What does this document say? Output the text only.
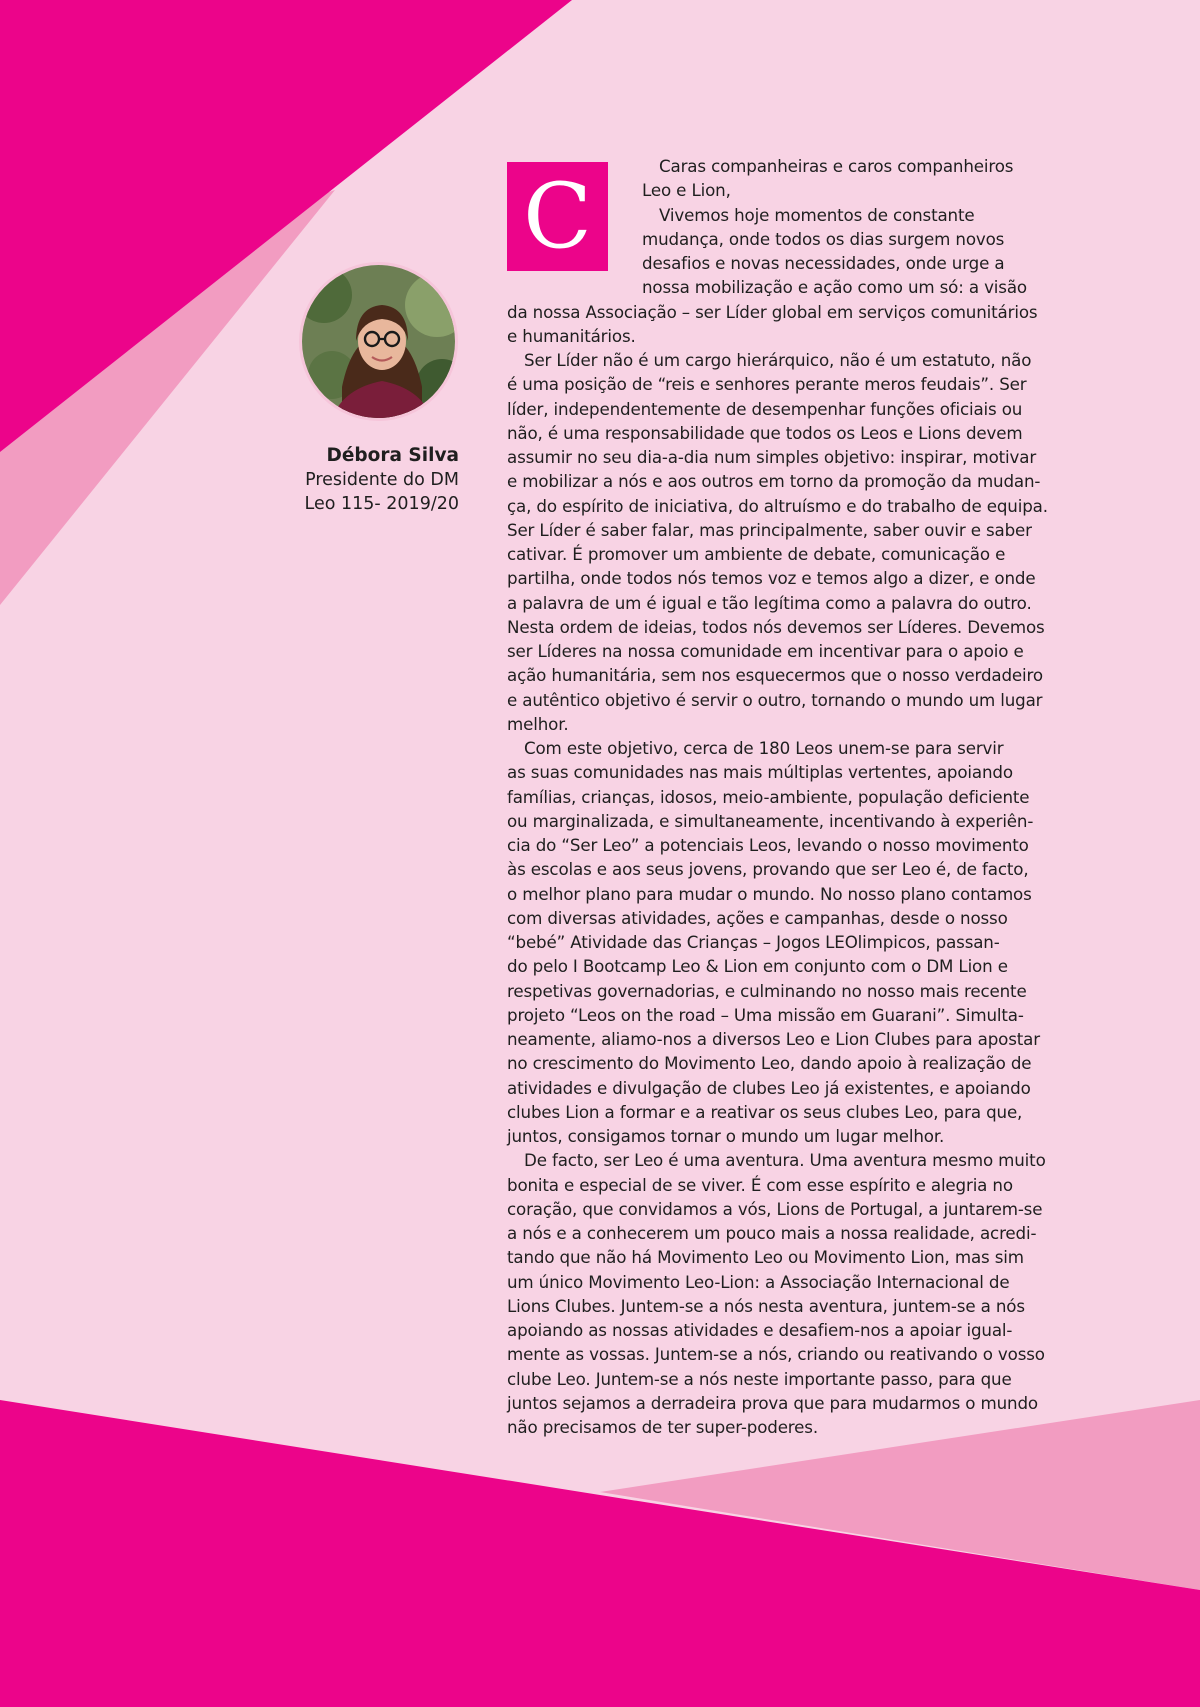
Débora Silva
Presidente do DM
Leo 115- 2019/20
C	Caras companheiras e caros companheiros
Leo e Lion,
Vivemos hoje momentos de constante
mudança, onde todos os dias surgem novos
desafios e novas necessidades, onde urge a
nossa mobilização e ação como um só: a visão
da nossa Associação – ser Líder global em serviços comunitários
e humanitários.
Ser Líder não é um cargo hierárquico, não é um estatuto, não
é uma posição de “reis e senhores perante meros feudais”. Ser
líder, independentemente de desempenhar funções oficiais ou
não, é uma responsabilidade que todos os Leos e Lions devem
assumir no seu dia-a-dia num simples objetivo: inspirar, motivar
e mobilizar a nós e aos outros em torno da promoção da mudan-
ça, do espírito de iniciativa, do altruísmo e do trabalho de equipa.
Ser Líder é saber falar, mas principalmente, saber ouvir e saber
cativar. É promover um ambiente de debate, comunicação e
partilha, onde todos nós temos voz e temos algo a dizer, e onde
a palavra de um é igual e tão legítima como a palavra do outro.
Nesta ordem de ideias, todos nós devemos ser Líderes. Devemos
ser Líderes na nossa comunidade em incentivar para o apoio e
ação humanitária, sem nos esquecermos que o nosso verdadeiro
e autêntico objetivo é servir o outro, tornando o mundo um lugar
melhor.
Com este objetivo, cerca de 180 Leos unem-se para servir
as suas comunidades nas mais múltiplas vertentes, apoiando
famílias, crianças, idosos, meio-ambiente, população deficiente
ou marginalizada, e simultaneamente, incentivando à experiên-
cia do “Ser Leo” a potenciais Leos, levando o nosso movimento
às escolas e aos seus jovens, provando que ser Leo é, de facto,
o melhor plano para mudar o mundo. No nosso plano contamos
com diversas atividades, ações e campanhas, desde o nosso
“bebé” Atividade das Crianças – Jogos LEOlimpicos, passan-
do pelo I Bootcamp Leo & Lion em conjunto com o DM Lion e
respetivas governadorias, e culminando no nosso mais recente
projeto “Leos on the road – Uma missão em Guarani”. Simulta-
neamente, aliamo-nos a diversos Leo e Lion Clubes para apostar
no crescimento do Movimento Leo, dando apoio à realização de
atividades e divulgação de clubes Leo já existentes, e apoiando
clubes Lion a formar e a reativar os seus clubes Leo, para que,
juntos, consigamos tornar o mundo um lugar melhor.
De facto, ser Leo é uma aventura. Uma aventura mesmo muito
bonita e especial de se viver. É com esse espírito e alegria no
coração, que convidamos a vós, Lions de Portugal, a juntarem-se
a nós e a conhecerem um pouco mais a nossa realidade, acredi-
tando que não há Movimento Leo ou Movimento Lion, mas sim
um único Movimento Leo-Lion: a Associação Internacional de
Lions Clubes. Juntem-se a nós nesta aventura, juntem-se a nós
apoiando as nossas atividades e desafiem-nos a apoiar igual-
mente as vossas. Juntem-se a nós, criando ou reativando o vosso
clube Leo. Juntem-se a nós neste importante passo, para que
juntos sejamos a derradeira prova que para mudarmos o mundo
não precisamos de ter super-poderes.
